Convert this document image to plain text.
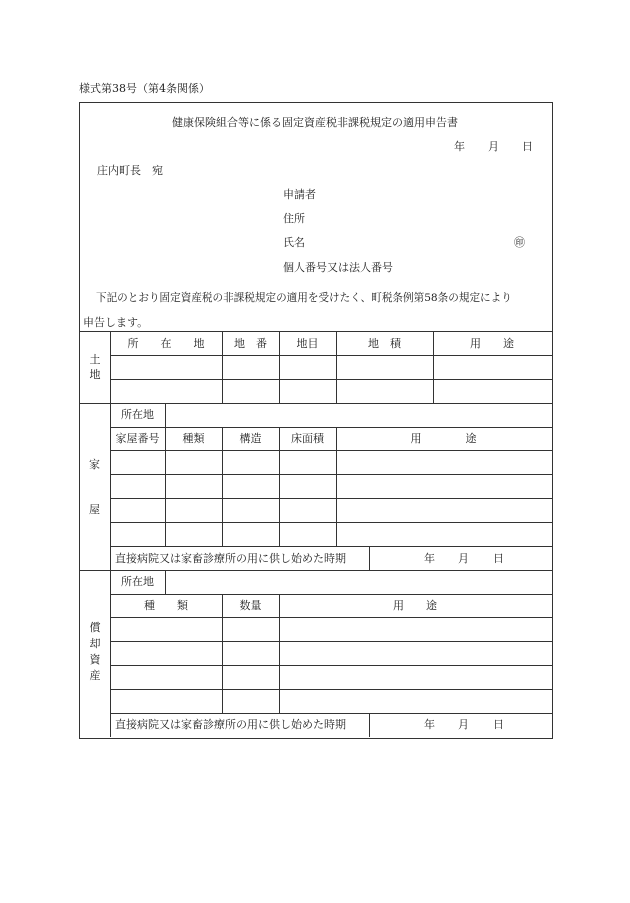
様式第38号（第4条関係）
健康保険組合等に係る固定資産税非課税規定の適用申告書
年 月 日
庄内町長　宛
申請者
住所
氏名	㊞
個人番号又は法人番号
下記のとおり固定資産税の非課税規定の適用を受けたく、町税条例第58条の規定により
申告します。
土
地
所　　在　　地	地　番	地目	地　積	用　　途
家
屋
所在地
家屋番号	種類	構造	床面積	用　　　　途
直接病院又は家畜診療所の用に供し始めた時期	年 月 日
償
却
資
産
所在地
種　　類	数量	用　　途
直接病院又は家畜診療所の用に供し始めた時期	年 月 日
